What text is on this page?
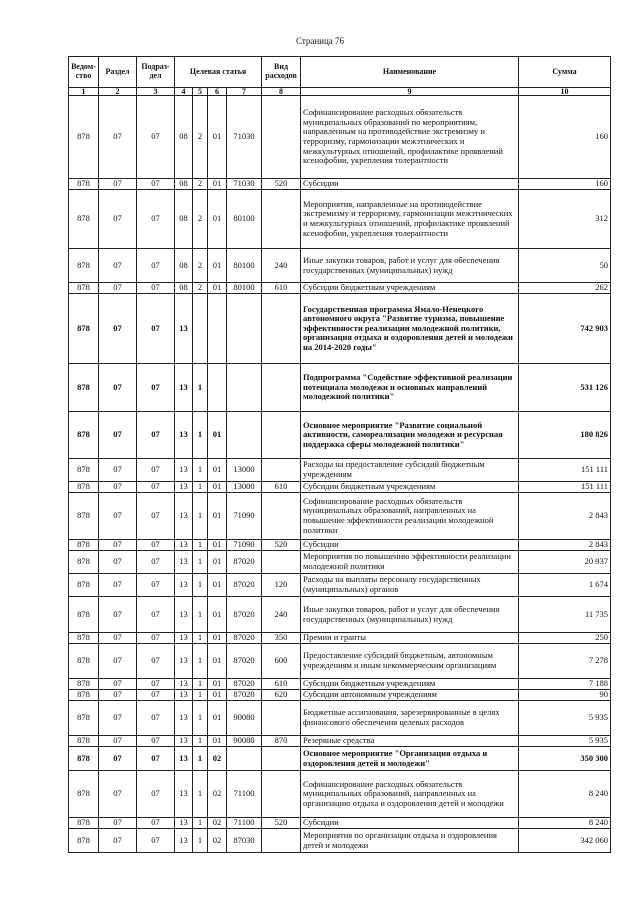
Страница 76
Ведом-ство	Раздел	Подраз-дел	Целевая статья				Вид расходов	Наименование	Сумма
1	2	3	4	5	6	7	8	9	10
878	07	07	08	2	01	71030		Софинансирование расходных обязательств муниципальных образований по мероприятиям, направленным на противодействие экстремизму и терроризму, гармонизации межэтнических и межкультурных отношений, профилактике проявлений ксенофобии, укрепления толерантности	160
878	07	07	08	2	01	71030	520	Субсидии	160
878	07	07	08	2	01	80100		Мероприятия, направленные на противодействие экстремизму и терроризму, гармонизации межэтнических и межкультурных отношений, профилактике проявлений ксенофобии, укрепления толерантности	312
878	07	07	08	2	01	80100	240	Иные закупки товаров, работ и услуг для обеспечения государственных (муниципальных) нужд	50
878	07	07	08	2	01	80100	610	Субсидии бюджетным учреждениям	262
878	07	07	13					Государственная программа Ямало-Ненецкого автономного округа "Развитие туризма, повышение эффективности реализации молодежной политики, организация отдыха и оздоровления детей и молодежи на 2014-2020 годы"	742 903
878	07	07	13	1				Подпрограмма "Содействие эффективной реализации потенциала молодежи и основных направлений молодежной политики"	531 126
878	07	07	13	1	01			Основное мероприятие "Развитие социальной активности, самореализации молодежи и ресурсная поддержка сферы молодежной политики"	180 826
878	07	07	13	1	01	13000		Расходы на предоставление субсидий бюджетным учреждениям	151 111
878	07	07	13	1	01	13000	610	Субсидии бюджетным учреждениям	151 111
878	07	07	13	1	01	71090		Софинансирование расходных обязательств муниципальных образований, направленных на повышение эффективности реализации молодежной политики	2 843
878	07	07	13	1	01	71090	520	Субсидии	2 843
878	07	07	13	1	01	87020		Мероприятия по повышению эффективности реализации молодежной политики	20 937
878	07	07	13	1	01	87020	120	Расходы на выплаты персоналу государственных (муниципальных) органов	1 674
878	07	07	13	1	01	87020	240	Иные закупки товаров, работ и услуг для обеспечения государственных (муниципальных) нужд	11 735
878	07	07	13	1	01	87020	350	Премии и гранты	250
878	07	07	13	1	01	87020	600	Предоставление субсидий бюджетным, автономным учреждениям и иным некоммерческим организациям	7 278
878	07	07	13	1	01	87020	610	Субсидии бюджетным учреждениям	7 188
878	07	07	13	1	01	87020	620	Субсидии автономным учреждениям	90
878	07	07	13	1	01	90080		Бюджетные ассигнования, зарезервированные в целях финансового обеспечения целевых расходов	5 935
878	07	07	13	1	01	90080	870	Резервные средства	5 935
878	07	07	13	1	02			Основное мероприятие "Организация отдыха и оздоровления детей и молодежи"	350 300
878	07	07	13	1	02	71100		Софинансирование расходных обязательств муниципальных образований, направленных на организацию отдыха и оздоровления детей и молодежи	8 240
878	07	07	13	1	02	71100	520	Субсидии	8 240
878	07	07	13	1	02	87030		Мероприятия по организации отдыха и оздоровления детей и молодежи	342 060
